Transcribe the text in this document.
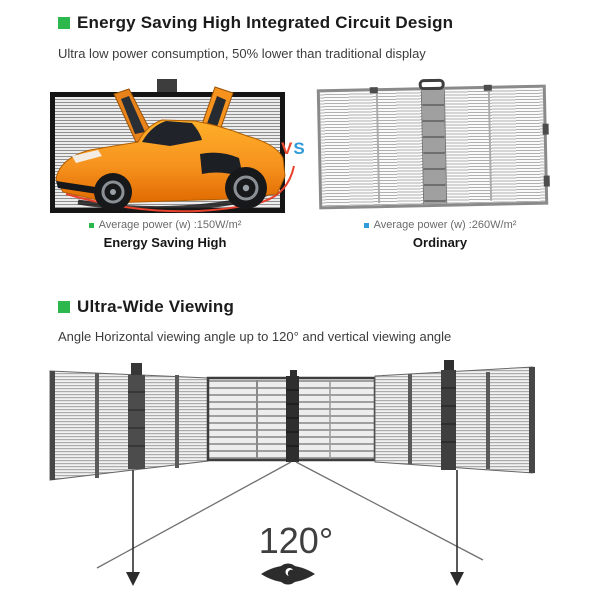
Energy Saving High Integrated Circuit Design
Ultra low power consumption, 50% lower than traditional display
VS
Average power (w) :150W/m²
Energy Saving High
Average power (w) :260W/m²
Ordinary
Ultra-Wide Viewing
Angle Horizontal viewing angle up to 120° and vertical viewing angle
120°
